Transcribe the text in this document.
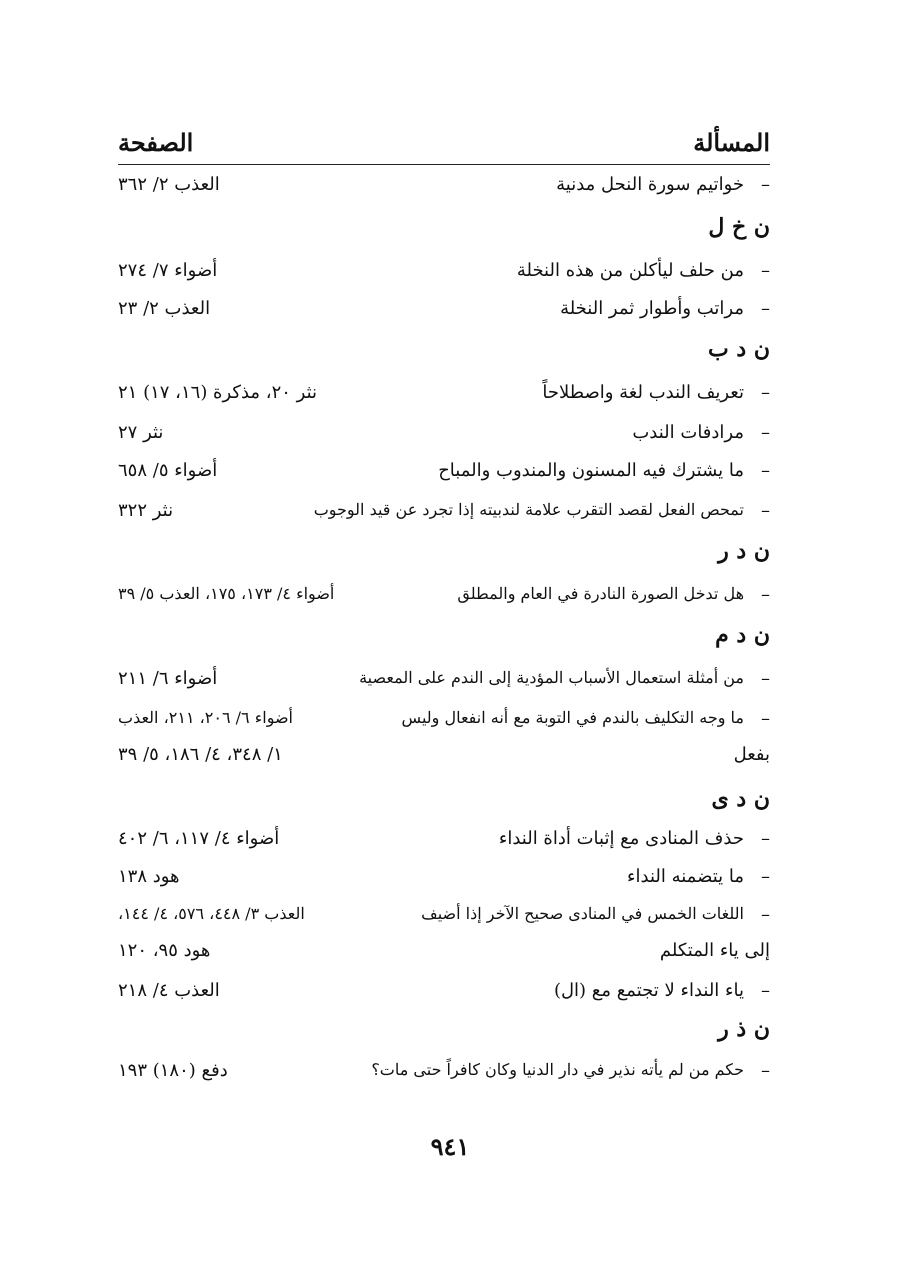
المسألة
الصفحة
–
خواتيم سورة النحل مدنية
العذب ٢/ ٣٦٢
ن خ ل
–
من حلف ليأكلن من هذه النخلة
أضواء ٧/ ٢٧٤
–
مراتب وأطوار ثمر النخلة
العذب ٢/ ٢٣
ن د ب
–
تعريف الندب لغة واصطلاحاً
نثر ٢٠، مذكرة (١٦، ١٧) ٢١
–
مرادفات الندب
نثر ٢٧
–
ما يشترك فيه المسنون والمندوب والمباح
أضواء ٥/ ٦٥٨
–
تمحص الفعل لقصد التقرب علامة لندبيته إذا تجرد عن قيد الوجوب
نثر ٣٢٢
ن د ر
–
هل تدخل الصورة النادرة في العام والمطلق
أضواء ٤/ ١٧٣، ١٧٥، العذب ٥/ ٣٩
ن د م
–
من أمثلة استعمال الأسباب المؤدية إلى الندم على المعصية
أضواء ٦/ ٢١١
–
ما وجه التكليف بالندم في التوبة مع أنه انفعال وليس
أضواء ٦/ ٢٠٦، ٢١١، العذب
بفعل
١/ ٣٤٨، ٤/ ١٨٦، ٥/ ٣٩
ن د ى
–
حذف المنادى مع إثبات أداة النداء
أضواء ٤/ ١١٧، ٦/ ٤٠٢
–
ما يتضمنه النداء
هود ١٣٨
–
اللغات الخمس في المنادى صحيح الآخر إذا أضيف
العذب ٣/ ٤٤٨، ٥٧٦، ٤/ ١٤٤،
إلى ياء المتكلم
هود ٩٥، ١٢٠
–
ياء النداء لا تجتمع مع (ال)
العذب ٤/ ٢١٨
ن ذ ر
–
حكم من لم يأته نذير في دار الدنيا وكان كافراً حتى مات؟
دفع (١٨٠) ١٩٣
٩٤١
